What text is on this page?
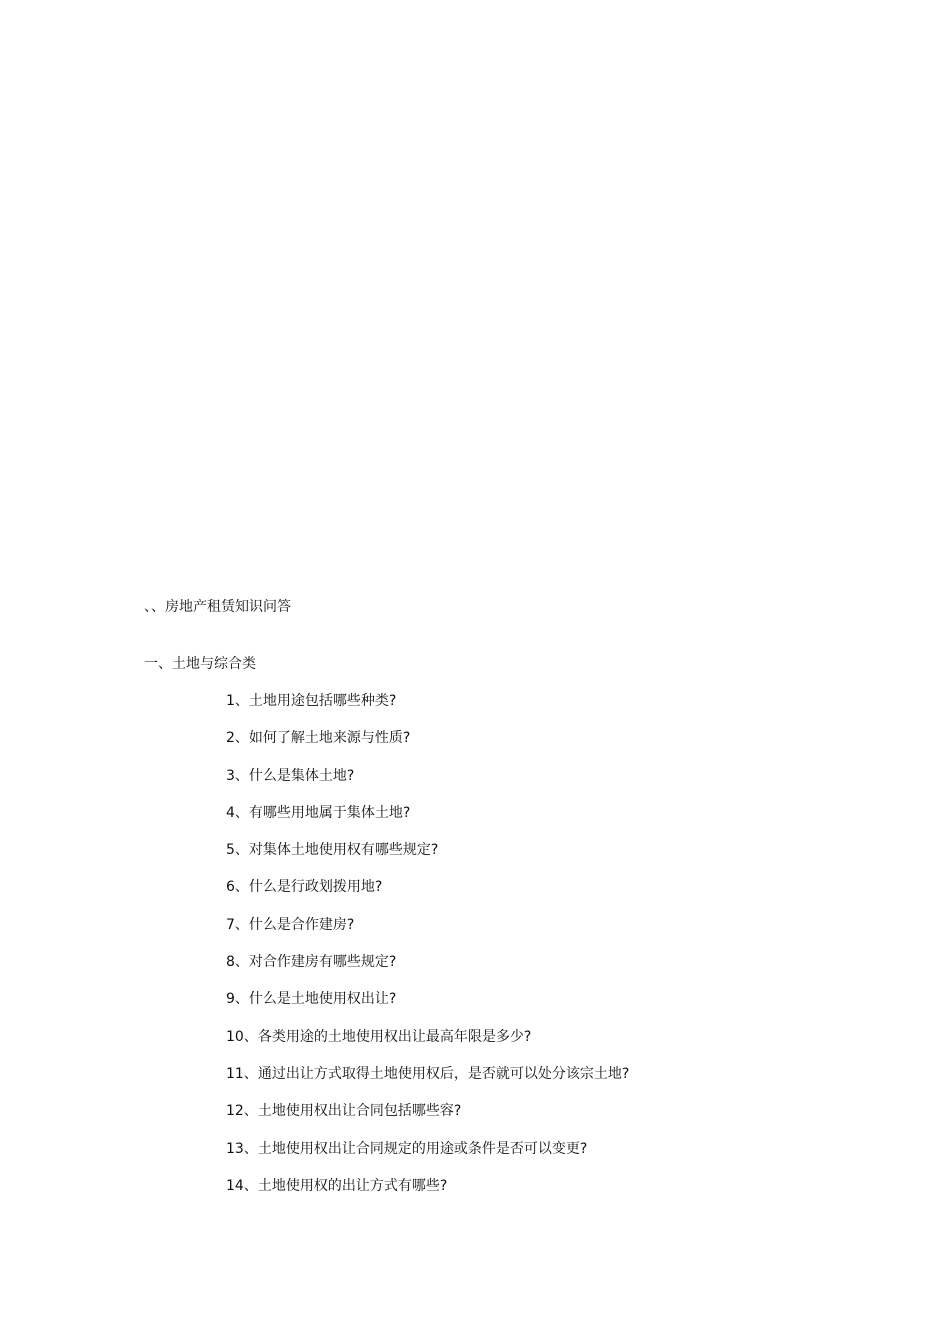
、、房地产租赁知识问答
一、土地与综合类
1、土地用途包括哪些种类?
2、如何了解土地来源与性质?
3、什么是集体土地?
4、有哪些用地属于集体土地?
5、对集体土地使用权有哪些规定?
6、什么是行政划拨用地?
7、什么是合作建房?
8、对合作建房有哪些规定?
9、什么是土地使用权出让?
10、各类用途的土地使用权出让最高年限是多少?
11、通过出让方式取得土地使用权后，是否就可以处分该宗土地?
12、土地使用权出让合同包括哪些容?
13、土地使用权出让合同规定的用途或条件是否可以变更?
14、土地使用权的出让方式有哪些?
